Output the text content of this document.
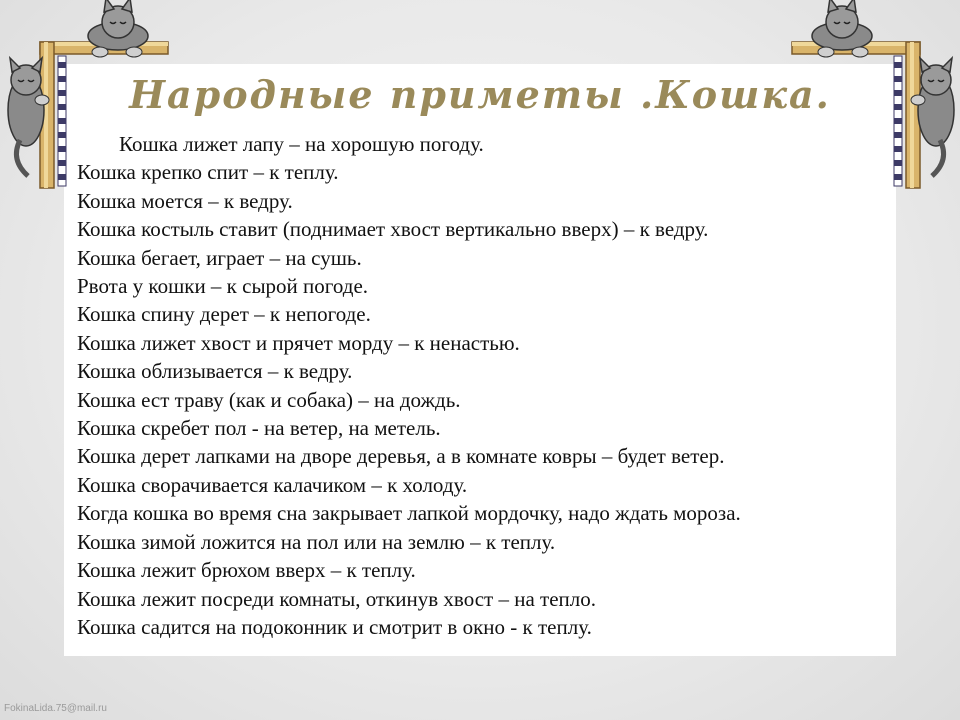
Народные приметы .Кошка.
Кошка лижет лапу – на хорошую погоду.
Кошка крепко спит – к теплу.
Кошка моется – к ведру.
Кошка костыль ставит (поднимает хвост вертикально вверх) – к ведру.
Кошка бегает, играет – на сушь.
Рвота у кошки – к сырой погоде.
Кошка спину дерет – к непогоде.
Кошка лижет хвост и прячет морду – к ненастью.
Кошка облизывается – к ведру.
Кошка ест траву (как и собака) – на дождь.
Кошка скребет пол - на ветер, на метель.
Кошка дерет лапками на дворе деревья, а в комнате ковры – будет ветер.
Кошка сворачивается калачиком – к холоду.
Когда кошка во время сна закрывает лапкой мордочку, надо ждать мороза.
Кошка зимой ложится на пол или на землю – к теплу.
Кошка лежит брюхом вверх – к теплу.
Кошка лежит посреди комнаты, откинув хвост – на тепло.
Кошка садится на подоконник и смотрит в окно - к теплу.
FokinaLida.75@mail.ru
